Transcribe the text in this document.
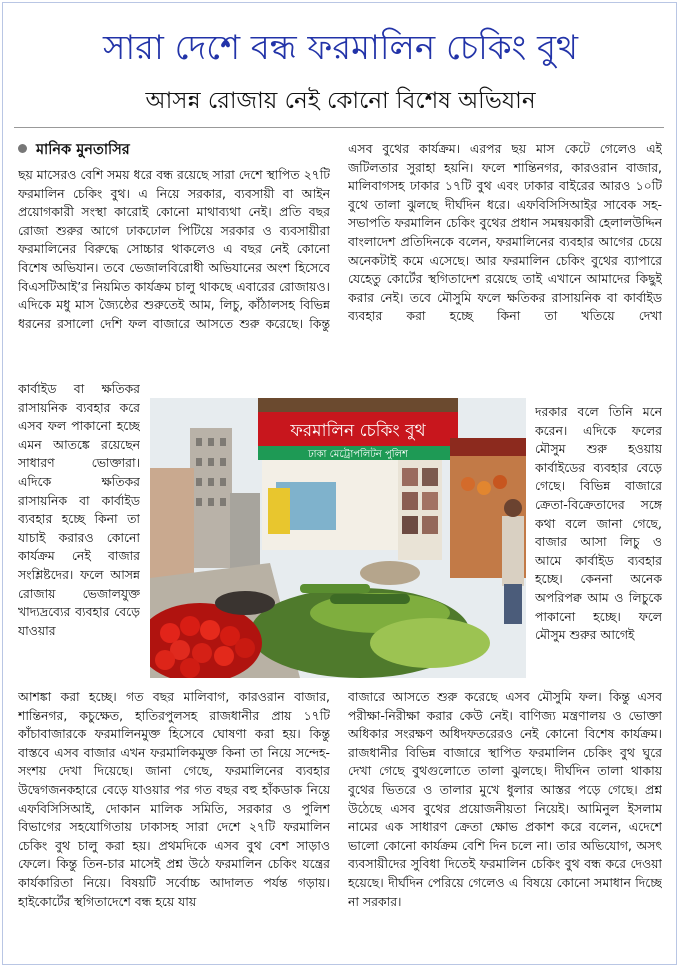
সারা দেশে বন্ধ ফরমালিন চেকিং বুথ
আসন্ন রোজায় নেই কোনো বিশেষ অভিযান
মানিক মুনতাসির

ছয় মাসেরও বেশি সময় ধরে বন্ধ রয়েছে সারা দেশে স্থাপিত ২৭টি ফরমালিন চেকিং বুথ। এ নিয়ে সরকার, ব্যবসায়ী বা আইন প্রয়োগকারী সংস্থা কারোই কোনো মাথাব্যথা নেই। প্রতি বছর রোজা শুরুর আগে ঢাকঢোল পিটিয়ে সরকার ও ব্যবসায়ীরা ফরমালিনের বিরুদ্ধে সোচ্চার থাকলেও এ বছর নেই কোনো বিশেষ অভিযান। তবে ভেজালবিরোধী অভিযানের অংশ হিসেবে বিএসটিআই’র নিয়মিত কার্যক্রম চালু থাকছে এবারের রোজায়ও। এদিকে মধু মাস জ্যৈষ্ঠের শুরুতেই আম, লিচু, কাঁঠালসহ বিভিন্ন ধরনের রসালো দেশি ফল বাজারে আসতে শুরু করেছে। কিন্তু

কার্বাইড বা ক্ষতিকর রাসায়নিক ব্যবহার করে এসব ফল পাকানো হচ্ছে এমন আতঙ্কে রয়েছেন সাধারণ ভোক্তারা। এদিকে ক্ষতিকর রাসায়নিক বা কার্বাইড ব্যবহার হচ্ছে কিনা তা যাচাই করারও কোনো কার্যক্রম নেই বাজার সংশ্লিষ্টদের। ফলে আসন্ন রোজায় ভেজালযুক্ত খাদ্যদ্রব্যের ব্যবহার বেড়ে যাওয়ার

আশঙ্কা করা হচ্ছে। গত বছর মালিবাগ, কারওরান বাজার, শান্তিনগর, কচুক্ষেত, হাতিরপুলসহ রাজধানীর প্রায় ১৭টি কাঁচাবাজারকে ফরমালিনমুক্ত হিসেবে ঘোষণা করা হয়। কিন্তু বাস্তবে এসব বাজার এখন ফরমালিকমুক্ত কিনা তা নিয়ে সন্দেহ-সংশয় দেখা দিয়েছে। জানা গেছে, ফরমালিনের ব্যবহার উদ্বেগজনকহারে বেড়ে যাওয়ার পর গত বছর বহু হাঁকডাক নিয়ে এফবিসিসিআই, দোকান মালিক সমিতি, সরকার ও পুলিশ বিভাগের সহযোগিতায় ঢাকাসহ সারা দেশে ২৭টি ফরমালিন চেকিং বুথ চালু করা হয়। প্রথমদিকে এসব বুথ বেশ সাড়াও ফেলে। কিন্তু তিন-চার মাসেই প্রশ্ন উঠে ফরমালিন চেকিং যন্ত্রের কার্যকারিতা নিয়ে। বিষয়টি সর্বোচ্চ আদালত পর্যন্ত গড়ায়। হাইকোর্টের স্থগিতাদেশে বন্ধ হয়ে যায়

এসব বুথের কার্যক্রম। এরপর ছয় মাস কেটে গেলেও এই জটিলতার সুরাহা হয়নি। ফলে শান্তিনগর, কারওরান বাজার, মালিবাগসহ ঢাকার ১৭টি বুথ এবং ঢাকার বাইরের আরও ১০টি বুথে তালা ঝুলছে দীর্ঘদিন ধরে। এফবিসিসিআইর সাবেক সহ-সভাপতি ফরমালিন চেকিং বুথের প্রধান সমন্বয়কারী হেলালউদ্দিন বাংলাদেশ প্রতিদিনকে বলেন, ফরমালিনের ব্যবহার আগের চেয়ে অনেকটাই কমে এসেছে। আর ফরমালিন চেকিং বুথের ব্যাপারে যেহেতু কোর্টের স্থগিতাদেশ রয়েছে তাই এখানে আমাদের কিছুই করার নেই। তবে মৌসুমি ফলে ক্ষতিকর রাসায়নিক বা কার্বাইড ব্যবহার করা হচ্ছে কিনা তা খতিয়ে দেখা

দরকার বলে তিনি মনে করেন। এদিকে ফলের মৌসুম শুরু হওয়ায় কার্বাইডের ব্যবহার বেড়ে গেছে। বিভিন্ন বাজারে ক্রেতা-বিক্রেতাদের সঙ্গে কথা বলে জানা গেছে, বাজার আসা লিচু ও আমে কার্বাইড ব্যবহার হচ্ছে। কেননা অনেক অপরিপক্ব আম ও লিচুকে পাকানো হচ্ছে। ফলে মৌসুম শুরুর আগেই

বাজারে আসতে শুরু করেছে এসব মৌসুমি ফল। কিন্তু এসব পরীক্ষা-নিরীক্ষা করার কেউ নেই। বাণিজ্য মন্ত্রণালয় ও ভোক্তা অধিকার সংরক্ষণ অধিদফতরেরও নেই কোনো বিশেষ কার্যক্রম। রাজধানীর বিভিন্ন বাজারে স্থাপিত ফরমালিন চেকিং বুথ ঘুরে দেখা গেছে বুথগুলোতে তালা ঝুলছে। দীর্ঘদিন তালা থাকায় বুথের ভিতরে ও তালার মুখে ধুলার আস্তর পড়ে গেছে। প্রশ্ন উঠেছে এসব বুথের প্রয়োজনীয়তা নিয়েই। আমিনুল ইসলাম নামের এক সাধারণ ক্রেতা ক্ষোভ প্রকাশ করে বলেন, এদেশে ভালো কোনো কার্যক্রম বেশি দিন চলে না। তার অভিযোগ, অসৎ ব্যবসায়ীদের সুবিধা দিতেই ফরমালিন চেকিং বুথ বন্ধ করে দেওয়া হয়েছে। দীর্ঘদিন পেরিয়ে গেলেও এ বিষয়ে কোনো সমাধান দিচ্ছে না সরকার।

ফরমালিন চেকিং বুথ
ঢাকা মেট্রোপলিটন পুলিশ
